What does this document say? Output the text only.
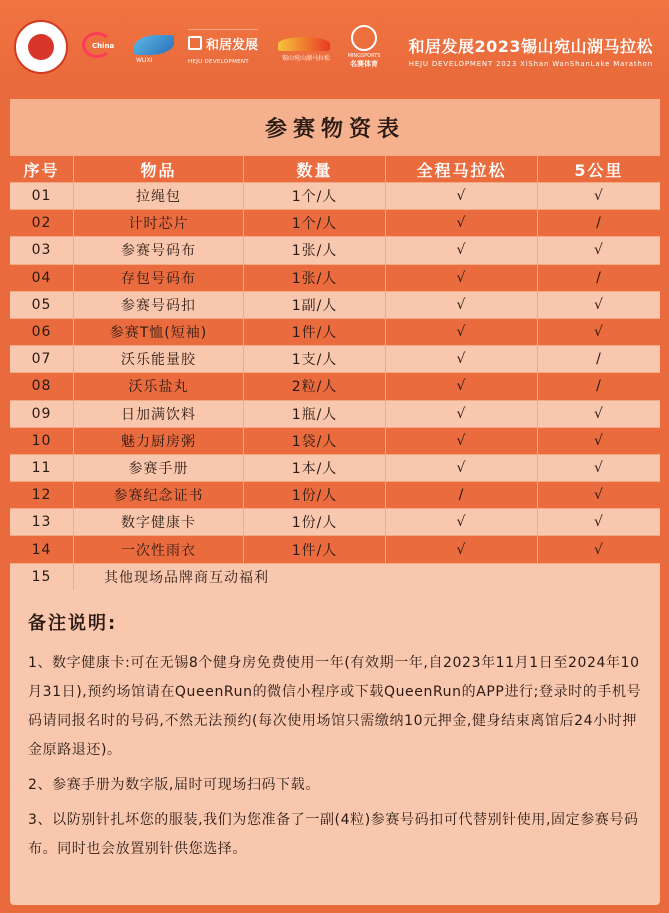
China
WUXI
和居发展
HEJU DEVELOPMENT
锡山宛山湖马拉松	MINGSPORTS
名赛体育
和居发展2023锡山宛山湖马拉松
HEJU DEVELOPMENT 2023 XiShan WanShanLake Marathon
参赛物资表
序号	物品	数量	全程马拉松	5公里
01	拉绳包	1个/人	√	√
02	计时芯片	1个/人	√	/
03	参赛号码布	1张/人	√	√
04	存包号码布	1张/人	√	/
05	参赛号码扣	1副/人	√	√
06	参赛T恤(短袖)	1件/人	√	√
07	沃乐能量胶	1支/人	√	/
08	沃乐盐丸	2粒/人	√	/
09	日加满饮料	1瓶/人	√	√
10	魅力厨房粥	1袋/人	√	√
11	参赛手册	1本/人	√	√
12	参赛纪念证书	1份/人	/	√
13	数字健康卡	1份/人	√	√
14	一次性雨衣	1件/人	√	√
15	其他现场品牌商互动福利
备注说明:

1、数字健康卡:可在无锡8个健身房免费使用一年(有效期一年,自2023年11月1日至2024年10月31日),预约场馆请在QueenRun的微信小程序或下载QueenRun的APP进行;登录时的手机号码请同报名时的号码,不然无法预约(每次使用场馆只需缴纳10元押金,健身结束离馆后24小时押金原路退还)。

2、参赛手册为数字版,届时可现场扫码下载。

3、以防别针扎坏您的服装,我们为您准备了一副(4粒)参赛号码扣可代替别针使用,固定参赛号码布。同时也会放置别针供您选择。
